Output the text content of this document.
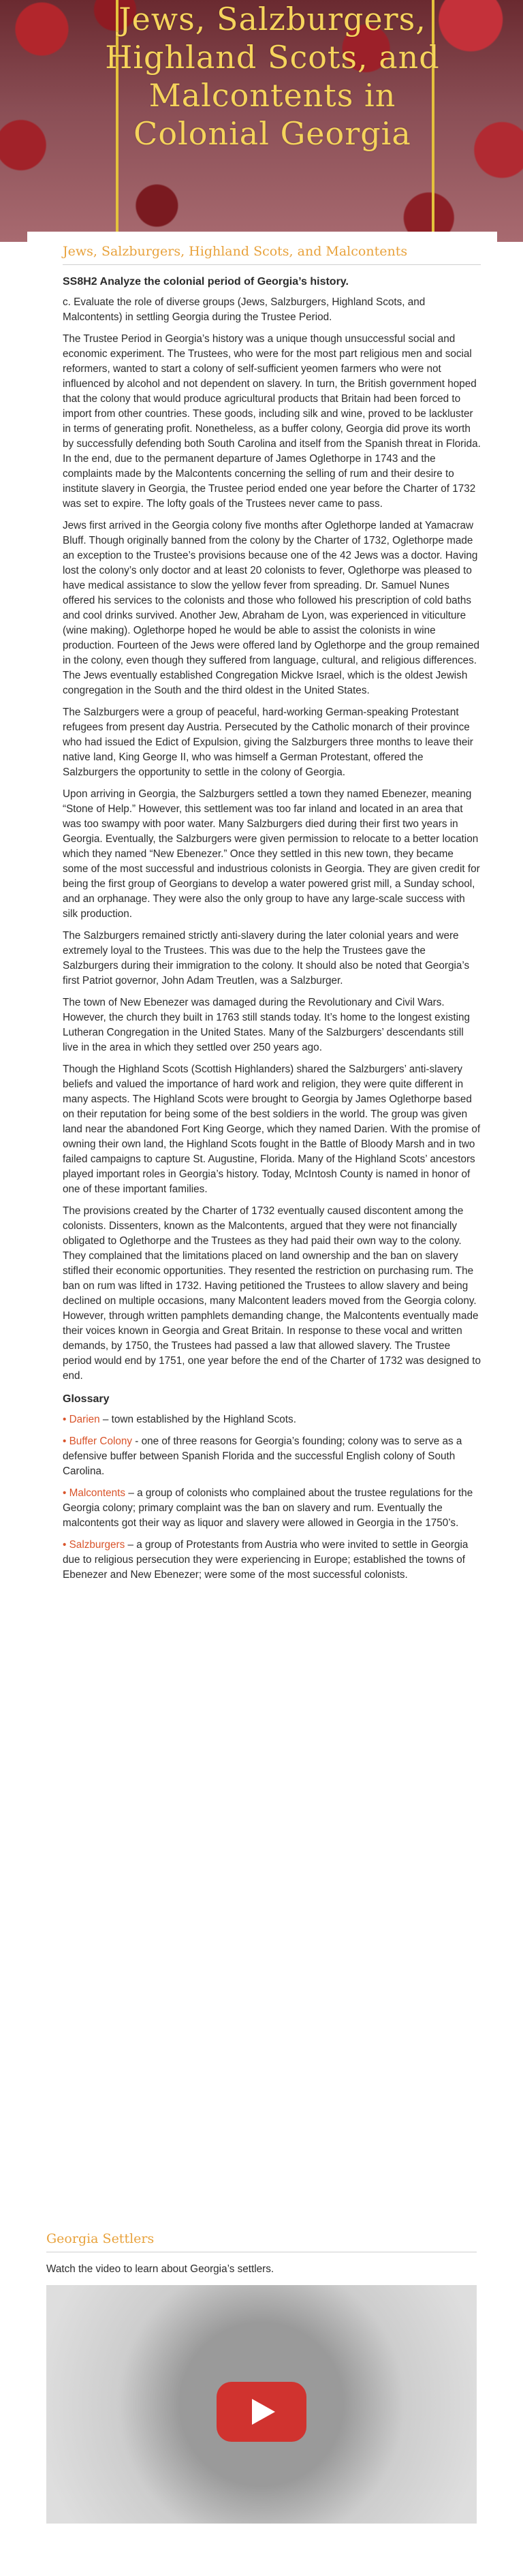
Jews, Salzburgers, Highland Scots, and Malcontents in Colonial Georgia
Jews, Salzburgers, Highland Scots, and Malcontents
SS8H2 Analyze the colonial period of Georgia’s history.

c. Evaluate the role of diverse groups (Jews, Salzburgers, Highland Scots, and Malcontents) in settling Georgia during the Trustee Period.

The Trustee Period in Georgia’s history was a unique though unsuccessful social and economic experiment. The Trustees, who were for the most part religious men and social reformers, wanted to start a colony of self-sufficient yeomen farmers who were not influenced by alcohol and not dependent on slavery. In turn, the British government hoped that the colony that would produce agricultural products that Britain had been forced to import from other countries. These goods, including silk and wine, proved to be lackluster in terms of generating profit. Nonetheless, as a buffer colony, Georgia did prove its worth by successfully defending both South Carolina and itself from the Spanish threat in Florida. In the end, due to the permanent departure of James Oglethorpe in 1743 and the complaints made by the Malcontents concerning the selling of rum and their desire to institute slavery in Georgia, the Trustee period ended one year before the Charter of 1732 was set to expire. The lofty goals of the Trustees never came to pass.

Jews first arrived in the Georgia colony five months after Oglethorpe landed at Yamacraw Bluff. Though originally banned from the colony by the Charter of 1732, Oglethorpe made an exception to the Trustee’s provisions because one of the 42 Jews was a doctor. Having lost the colony’s only doctor and at least 20 colonists to fever, Oglethorpe was pleased to have medical assistance to slow the yellow fever from spreading. Dr. Samuel Nunes offered his services to the colonists and those who followed his prescription of cold baths and cool drinks survived. Another Jew, Abraham de Lyon, was experienced in viticulture (wine making). Oglethorpe hoped he would be able to assist the colonists in wine production. Fourteen of the Jews were offered land by Oglethorpe and the group remained in the colony, even though they suffered from language, cultural, and religious differences. The Jews eventually established Congregation Mickve Israel, which is the oldest Jewish congregation in the South and the third oldest in the United States.

The Salzburgers were a group of peaceful, hard-working German-speaking Protestant refugees from present day Austria. Persecuted by the Catholic monarch of their province who had issued the Edict of Expulsion, giving the Salzburgers three months to leave their native land, King George II, who was himself a German Protestant, offered the Salzburgers the opportunity to settle in the colony of Georgia.

Upon arriving in Georgia, the Salzburgers settled a town they named Ebenezer, meaning “Stone of Help.” However, this settlement was too far inland and located in an area that was too swampy with poor water. Many Salzburgers died during their first two years in Georgia. Eventually, the Salzburgers were given permission to relocate to a better location which they named “New Ebenezer.” Once they settled in this new town, they became some of the most successful and industrious colonists in Georgia. They are given credit for being the first group of Georgians to develop a water powered grist mill, a Sunday school, and an orphanage. They were also the only group to have any large-scale success with silk production.

The Salzburgers remained strictly anti-slavery during the later colonial years and were extremely loyal to the Trustees. This was due to the help the Trustees gave the Salzburgers during their immigration to the colony. It should also be noted that Georgia’s first Patriot governor, John Adam Treutlen, was a Salzburger.

The town of New Ebenezer was damaged during the Revolutionary and Civil Wars. However, the church they built in 1763 still stands today. It’s home to the longest existing Lutheran Congregation in the United States. Many of the Salzburgers’ descendants still live in the area in which they settled over 250 years ago.

Though the Highland Scots (Scottish Highlanders) shared the Salzburgers’ anti-slavery beliefs and valued the importance of hard work and religion, they were quite different in many aspects. The Highland Scots were brought to Georgia by James Oglethorpe based on their reputation for being some of the best soldiers in the world. The group was given land near the abandoned Fort King George, which they named Darien. With the promise of owning their own land, the Highland Scots fought in the Battle of Bloody Marsh and in two failed campaigns to capture St. Augustine, Florida. Many of the Highland Scots’ ancestors played important roles in Georgia’s history. Today, McIntosh County is named in honor of one of these important families.

The provisions created by the Charter of 1732 eventually caused discontent among the colonists. Dissenters, known as the Malcontents, argued that they were not financially obligated to Oglethorpe and the Trustees as they had paid their own way to the colony. They complained that the limitations placed on land ownership and the ban on slavery stifled their economic opportunities. They resented the restriction on purchasing rum. The ban on rum was lifted in 1732. Having petitioned the Trustees to allow slavery and being declined on multiple occasions, many Malcontent leaders moved from the Georgia colony. However, through written pamphlets demanding change, the Malcontents eventually made their voices known in Georgia and Great Britain. In response to these vocal and written demands, by 1750, the Trustees had passed a law that allowed slavery. The Trustee period would end by 1751, one year before the end of the Charter of 1732 was designed to end.

Glossary

• Darien – town established by the Highland Scots.

• Buffer Colony - one of three reasons for Georgia’s founding; colony was to serve as a defensive buffer between Spanish Florida and the successful English colony of South Carolina.

• Malcontents – a group of colonists who complained about the trustee regulations for the Georgia colony; primary complaint was the ban on slavery and rum. Eventually the malcontents got their way as liquor and slavery were allowed in Georgia in the 1750’s.

• Salzburgers – a group of Protestants from Austria who were invited to settle in Georgia due to religious persecution they were experiencing in Europe; established the towns of Ebenezer and New Ebenezer; were some of the most successful colonists.

Georgia Settlers
Watch the video to learn about Georgia’s settlers.
